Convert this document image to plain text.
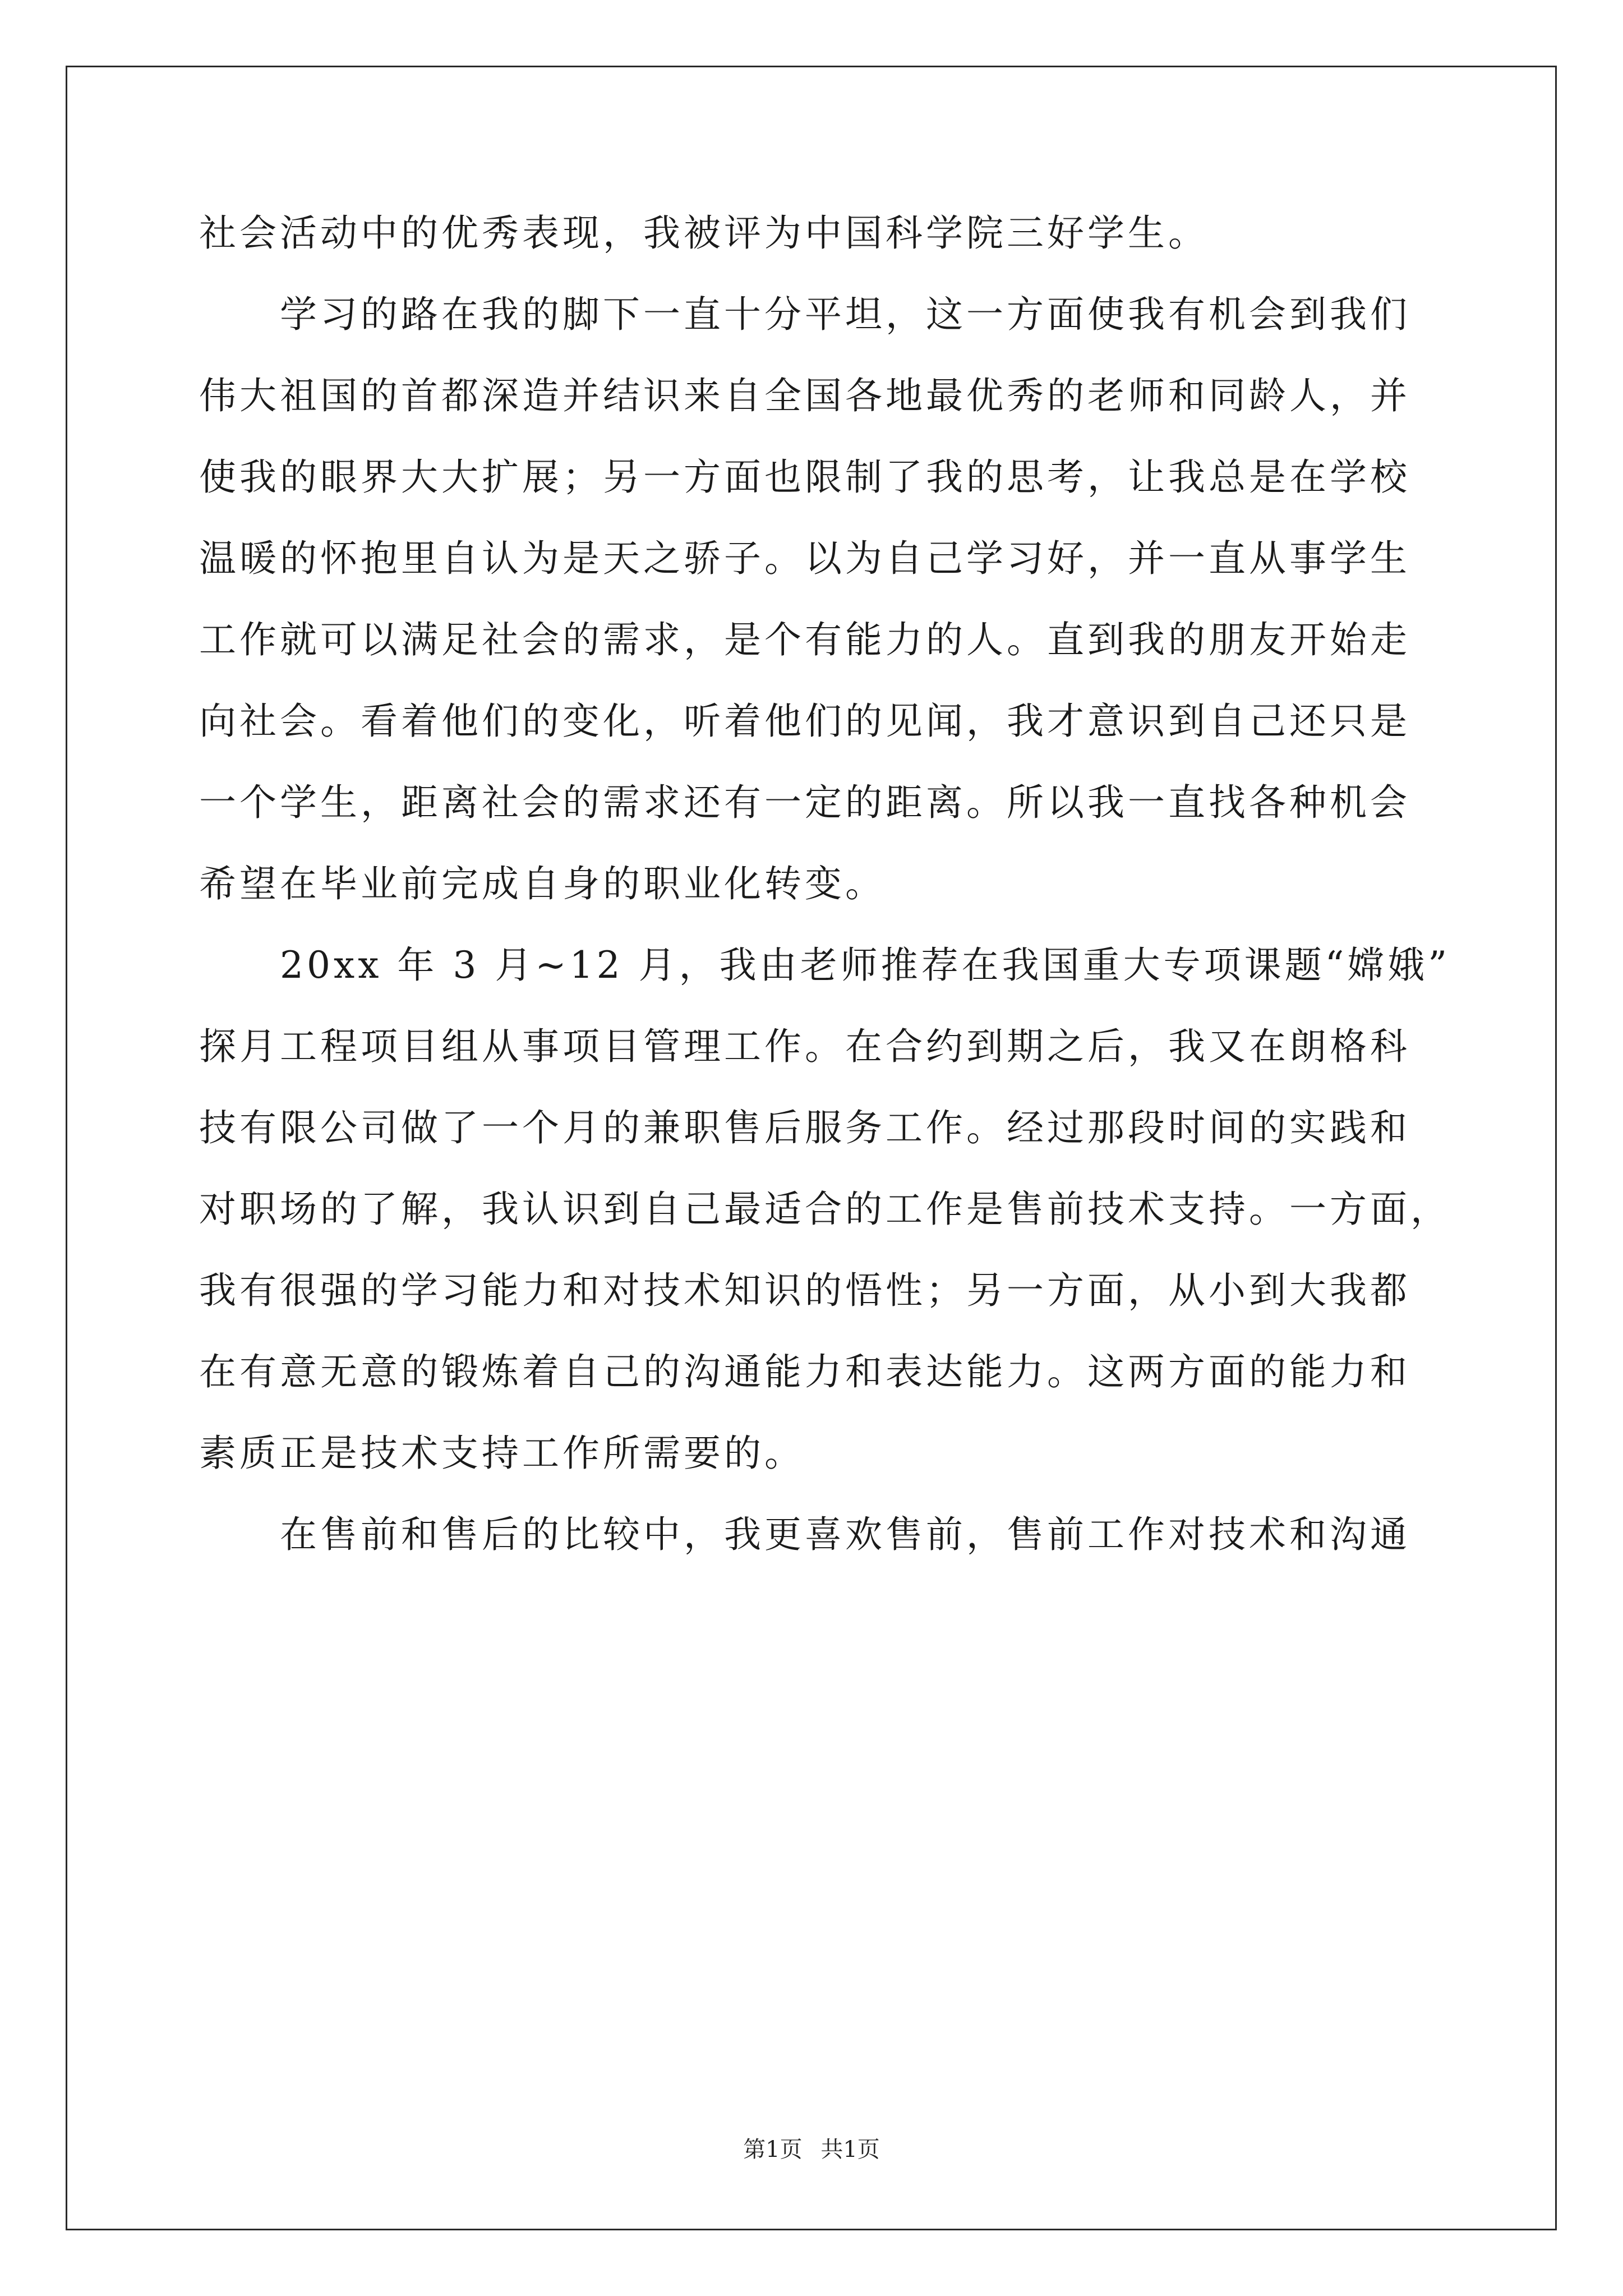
社会活动中的优秀表现，我被评为中国科学院三好学生。
　　学习的路在我的脚下一直十分平坦，这一方面使我有机会到我们
伟大祖国的首都深造并结识来自全国各地最优秀的老师和同龄人，并
使我的眼界大大扩展；另一方面也限制了我的思考，让我总是在学校
温暖的怀抱里自认为是天之骄子。以为自己学习好，并一直从事学生
工作就可以满足社会的需求，是个有能力的人。直到我的朋友开始走
向社会。看着他们的变化，听着他们的见闻，我才意识到自己还只是
一个学生，距离社会的需求还有一定的距离。所以我一直找各种机会
希望在毕业前完成自身的职业化转变。
　　20xx 年 3 月~12 月，我由老师推荐在我国重大专项课题“嫦娥”
探月工程项目组从事项目管理工作。在合约到期之后，我又在朗格科
技有限公司做了一个月的兼职售后服务工作。经过那段时间的实践和
对职场的了解，我认识到自己最适合的工作是售前技术支持。一方面，
我有很强的学习能力和对技术知识的悟性；另一方面，从小到大我都
在有意无意的锻炼着自己的沟通能力和表达能力。这两方面的能力和
素质正是技术支持工作所需要的。
　　在售前和售后的比较中，我更喜欢售前，售前工作对技术和沟通
第1页 共1页
